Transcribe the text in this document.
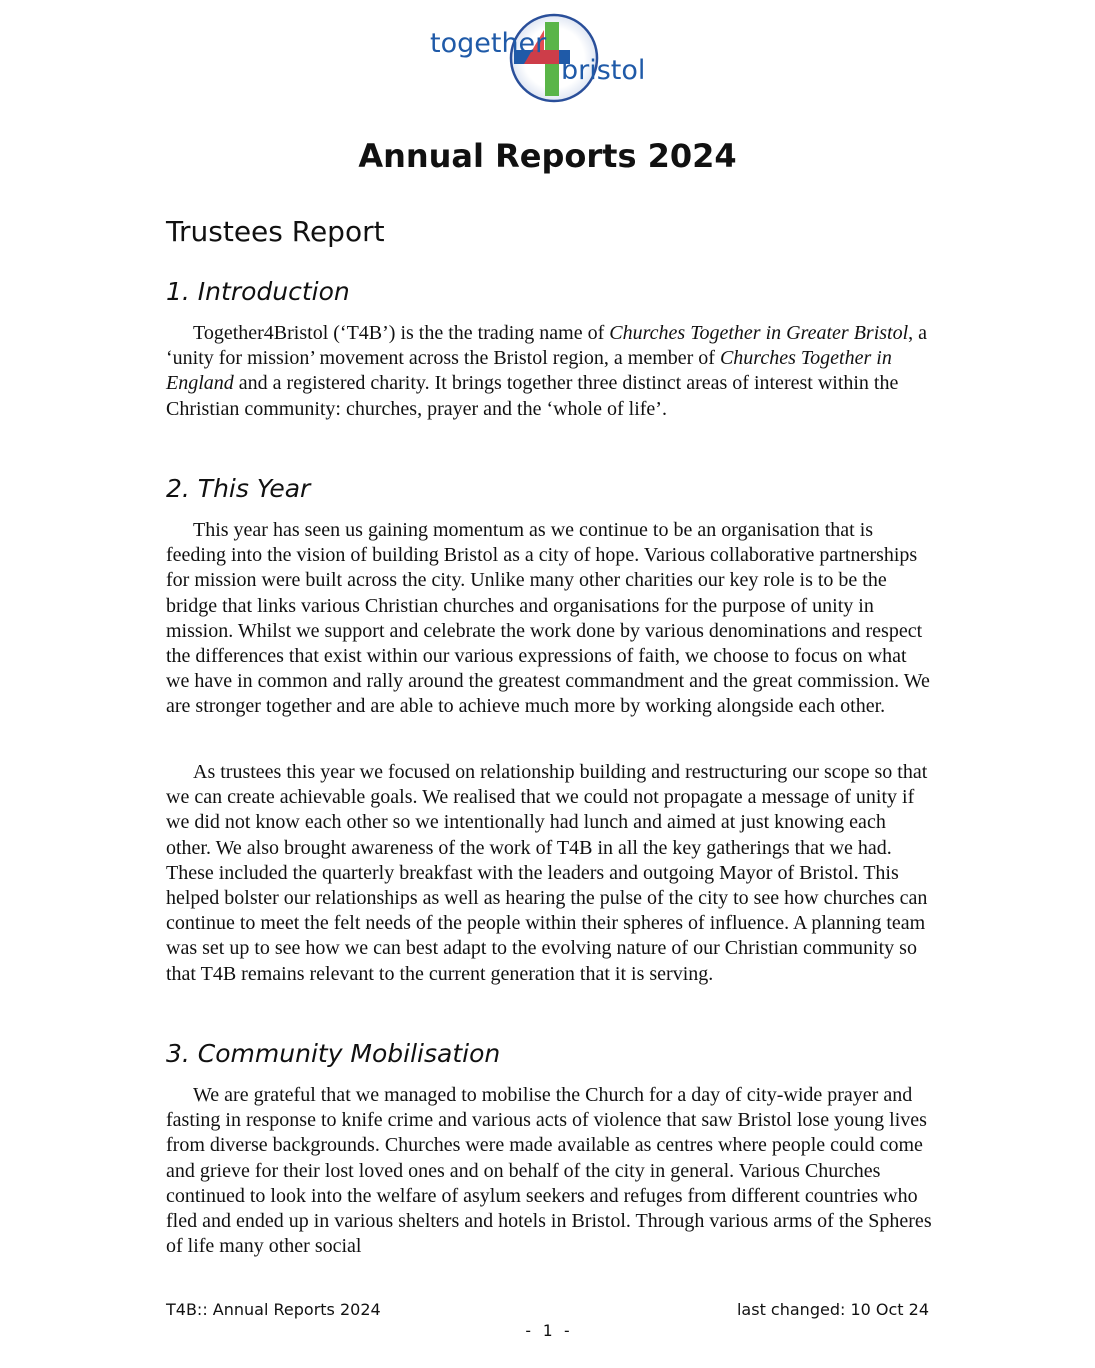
together
bristol
Annual Reports 2024
Trustees Report
1. Introduction

Together4Bristol (‘T4B’) is the the trading name of Churches Together in Greater Bristol, a ‘unity for mission’ movement across the Bristol region, a member of Churches Together in England and a registered charity. It brings together three distinct areas of interest within the Christian community: churches, prayer and the ‘whole of life’.

2. This Year

This year has seen us gaining momentum as we continue to be an organisation that is feeding into the vision of building Bristol as a city of hope. Various collaborative partnerships for mission were built across the city. Unlike many other charities our key role is to be the bridge that links various Christian churches and organisations for the purpose of unity in mission. Whilst we support and celebrate the work done by various denominations and respect the differences that exist within our various expressions of faith, we choose to focus on what we have in common and rally around the greatest commandment and the great commission. We are stronger together and are able to achieve much more by working alongside each other.

As trustees this year we focused on relationship building and restructuring our scope so that we can create achievable goals. We realised that we could not propagate a message of unity if we did not know each other so we intentionally had lunch and aimed at just knowing each other. We also brought awareness of the work of T4B in all the key gatherings that we had. These included the quarterly breakfast with the leaders and outgoing Mayor of Bristol. This helped bolster our relationships as well as hearing the pulse of the city to see how churches can continue to meet the felt needs of the people within their spheres of influence. A planning team was set up to see how we can best adapt to the evolving nature of our Christian community so that T4B remains relevant to the current generation that it is serving.

3. Community Mobilisation

We are grateful that we managed to mobilise the Church for a day of city-wide prayer and fasting in response to knife crime and various acts of violence that saw Bristol lose young lives from diverse backgrounds. Churches were made available as centres where people could come and grieve for their lost loved ones and on behalf of the city in general. Various Churches continued to look into the welfare of asylum seekers and refuges from different countries who fled and ended up in various shelters and hotels in Bristol. Through various arms of the Spheres of life many other social

T4B:: Annual Reports 2024	last changed: 10 Oct 24
- 1 -
